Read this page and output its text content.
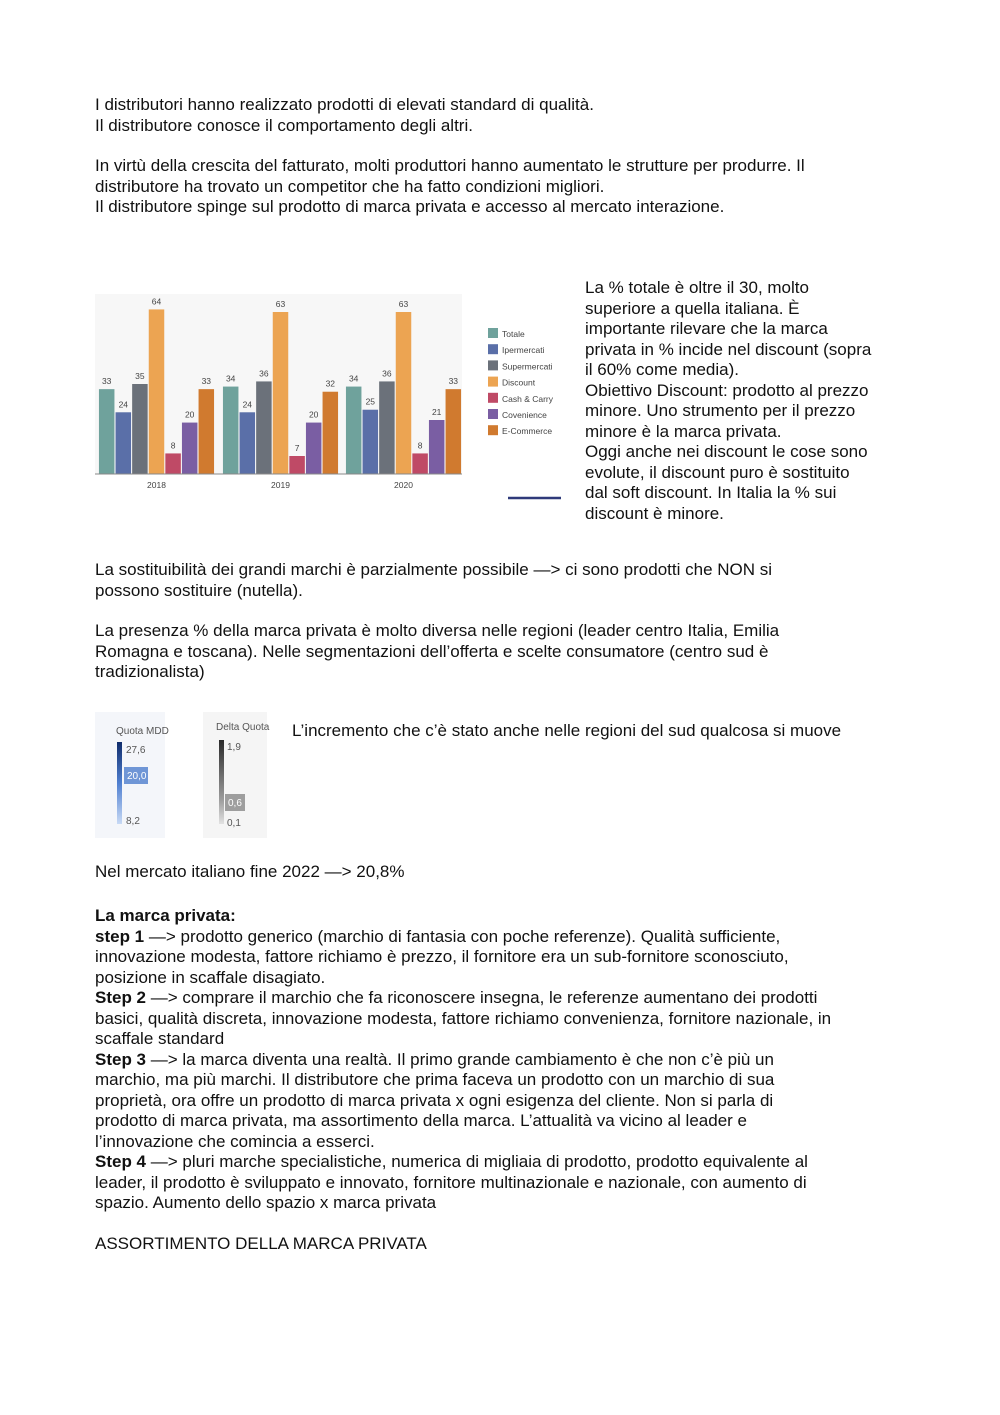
I distributori hanno realizzato prodotti di elevati standard di qualità.

Il distributore conosce il comportamento degli altri.

In virtù della crescita del fatturato, molti produttori hanno aumentato le strutture per produrre. Il

distributore ha trovato un competitor che ha fatto condizioni migliori.

Il distributore spinge sul prodotto di marca privata e accesso al mercato interazione.

33
24
35
64
8
20
33
2018
34
24
36
63
7
20
32
2019
34
25
36
63
8
21
33
2020
Totale
Ipermercati
Supermercati
Discount
Cash & Carry
Covenience
E-Commerce

La % totale è oltre il 30, molto

superiore a quella italiana. È

importante rilevare che la marca

privata in % incide nel discount (sopra

il 60% come media).

Obiettivo Discount: prodotto al prezzo

minore. Uno strumento per il prezzo

minore è la marca privata.

Oggi anche nei discount le cose sono

evolute, il discount puro è sostituito

dal soft discount. In Italia la % sui

discount è minore.

La sostituibilità dei grandi marchi è parzialmente possibile —> ci sono prodotti che NON si

possono sostituire (nutella).

La presenza % della marca privata è molto diversa nelle regioni (leader centro Italia, Emilia

Romagna e toscana). Nelle segmentazioni dell’offerta e scelte consumatore (centro sud è

tradizionalista)

Quota MDD
27,6
20,0
8,2
Delta Quota
1,9
0,6
0,1

L’incremento che c’è stato anche nelle regioni del sud qualcosa si muove

Nel mercato italiano fine 2022 —> 20,8%

La marca privata:

step 1 —> prodotto generico (marchio di fantasia con poche referenze). Qualità sufficiente,

innovazione modesta, fattore richiamo è prezzo, il fornitore era un sub-fornitore sconosciuto,

posizione in scaffale disagiato.

Step 2 —> comprare il marchio che fa riconoscere insegna, le referenze aumentano dei prodotti

basici, qualità discreta, innovazione modesta, fattore richiamo convenienza, fornitore nazionale, in

scaffale standard

Step 3 —> la marca diventa una realtà. Il primo grande cambiamento è che non c’è più un

marchio, ma più marchi. Il distributore che prima faceva un prodotto con un marchio di sua

proprietà, ora offre un prodotto di marca privata x ogni esigenza del cliente. Non si parla di

prodotto di marca privata, ma assortimento della marca. L’attualità va vicino al leader e

l’innovazione che comincia a esserci.

Step 4 —> pluri marche specialistiche, numerica di migliaia di prodotto, prodotto equivalente al

leader, il prodotto è sviluppato e innovato, fornitore multinazionale e nazionale, con aumento di

spazio. Aumento dello spazio x marca privata

ASSORTIMENTO DELLA MARCA PRIVATA
